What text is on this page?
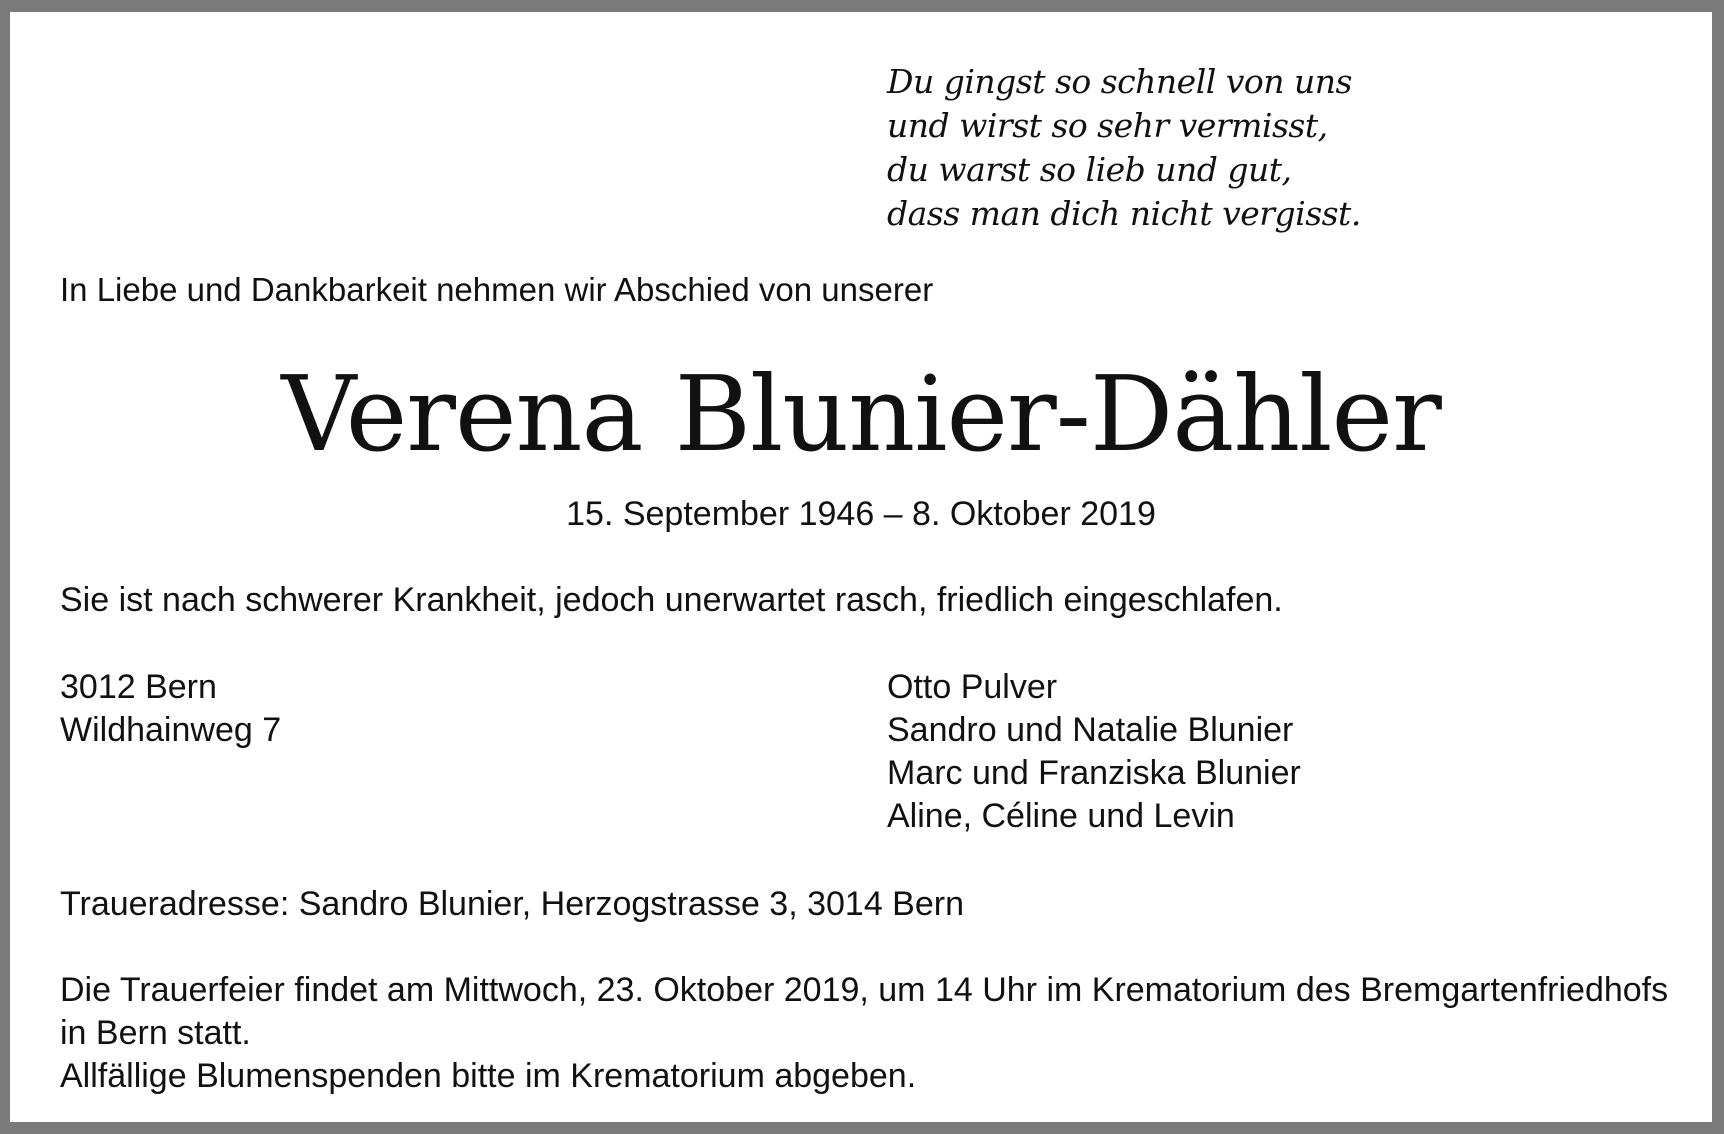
Du gingst so schnell von uns
und wirst so sehr vermisst,
du warst so lieb und gut,
dass man dich nicht vergisst.
In Liebe und Dankbarkeit nehmen wir Abschied von unserer
Verena Blunier-Dähler
15. September 1946 – 8. Oktober 2019
Sie ist nach schwerer Krankheit, jedoch unerwartet rasch, friedlich eingeschlafen.
3012 Bern
Wildhainweg 7
Otto Pulver
Sandro und Natalie Blunier
Marc und Franziska Blunier
Aline, Céline und Levin
Traueradresse: Sandro Blunier, Herzogstrasse 3, 3014 Bern
Die Trauerfeier findet am Mittwoch, 23. Oktober 2019, um 14 Uhr im Krematorium des Bremgartenfriedhofs
in Bern statt.
Allfällige Blumenspenden bitte im Krematorium abgeben.
